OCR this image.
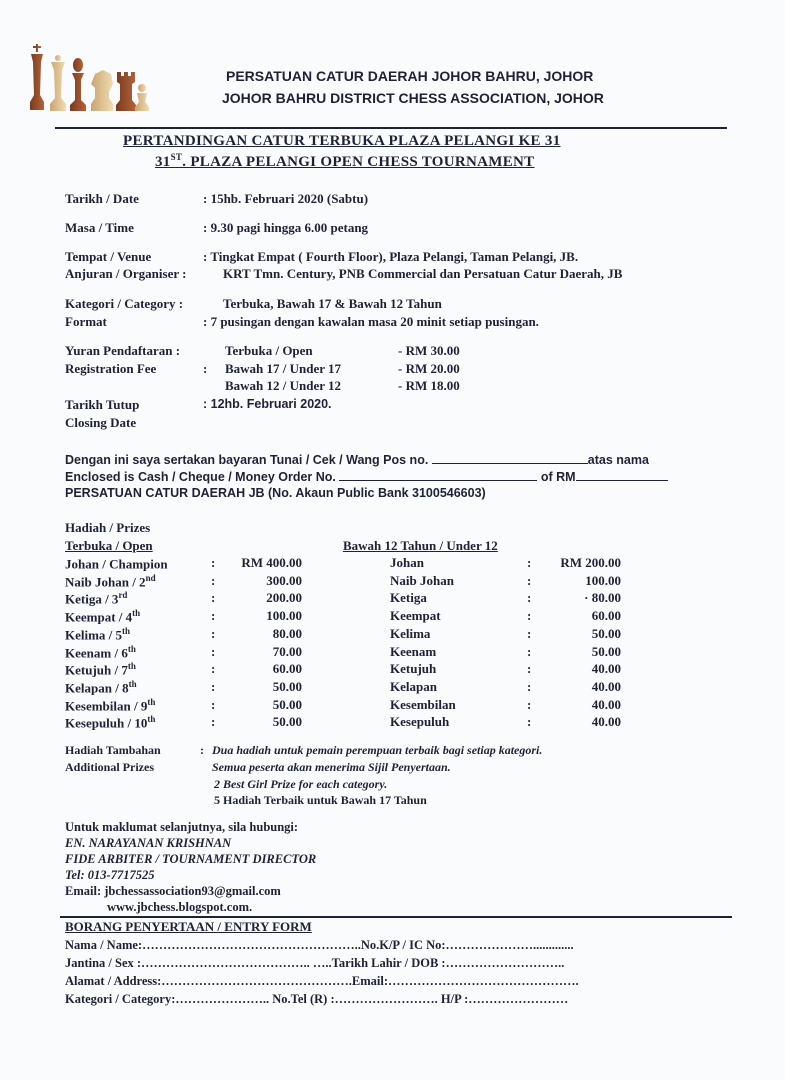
PERSATUAN CATUR DAERAH JOHOR BAHRU, JOHOR
JOHOR BAHRU DISTRICT CHESS ASSOCIATION, JOHOR
PERTANDINGAN CATUR TERBUKA PLAZA PELANGI KE 31
31ST. PLAZA PELANGI OPEN CHESS TOURNAMENT
Tarikh / Date	: 15hb. Februari 2020 (Sabtu)
Masa / Time	: 9.30 pagi hingga 6.00 petang
Tempat / Venue	: Tingkat Empat ( Fourth Floor), Plaza Pelangi, Taman Pelangi, JB.
Anjuran / Organiser :	KRT Tmn. Century, PNB Commercial dan Persatuan Catur Daerah, JB
Kategori / Category :	Terbuka, Bawah 17 & Bawah 12 Tahun
Format	: 7 pusingan dengan kawalan masa 20 minit setiap pusingan.
Yuran Pendaftaran :
Registration Fee	:
Terbuka / Open	- RM 30.00
Bawah 17 / Under 17	- RM 20.00
Bawah 12 / Under 12	- RM 18.00
Tarikh Tutup
Closing Date
: 12hb. Februari 2020.
Dengan ini saya sertakan bayaran Tunai / Cek / Wang Pos no.	atas nama
Enclosed is Cash / Cheque / Money Order No.	of RM
PERSATUAN CATUR DAERAH JB (No. Akaun Public Bank 3100546603)
Hadiah / Prizes
Terbuka / Open	Bawah 12 Tahun / Under 12
Hadiah Tambahan
Additional Prizes
: Dua hadiah untuk pemain perempuan terbaik bagi setiap kategori.
Semua peserta akan menerima Sijil Penyertaan.
2 Best Girl Prize for each category.
5 Hadiah Terbaik untuk Bawah 17 Tahun
Untuk maklumat selanjutnya, sila hubungi:
EN. NARAYANAN KRISHNAN
FIDE ARBITER / TOURNAMENT DIRECTOR
Tel: 013-7717525
Email: jbchessassociation93@gmail.com
www.jbchess.blogspot.com.
BORANG PENYERTAAN / ENTRY FORM
Nama / Name:……………………………………………..No.K/P / IC No:………………….............
Jantina / Sex :………………………………….. …..Tarikh Lahir / DOB :………………………..
Alamat / Address:……………………………………….Email:……………………………………….
Kategori / Category:………………….. No.Tel (R) :……………………. H/P :……………………
Johan / Champion	:	RM 400.00
Naib Johan / 2nd	:	300.00
Ketiga / 3rd	:	200.00
Keempat / 4th	:	100.00
Kelima / 5th	:	80.00
Keenam / 6th	:	70.00
Ketujuh / 7th	:	60.00
Kelapan / 8th	:	50.00
Kesembilan / 9th	:	50.00
Kesepuluh / 10th	:	50.00
Johan	:	RM 200.00
Naib Johan	:	100.00
Ketiga	:	· 80.00
Keempat	:	60.00
Kelima	:	50.00
Keenam	:	50.00
Ketujuh	:	40.00
Kelapan	:	40.00
Kesembilan	:	40.00
Kesepuluh	:	40.00
